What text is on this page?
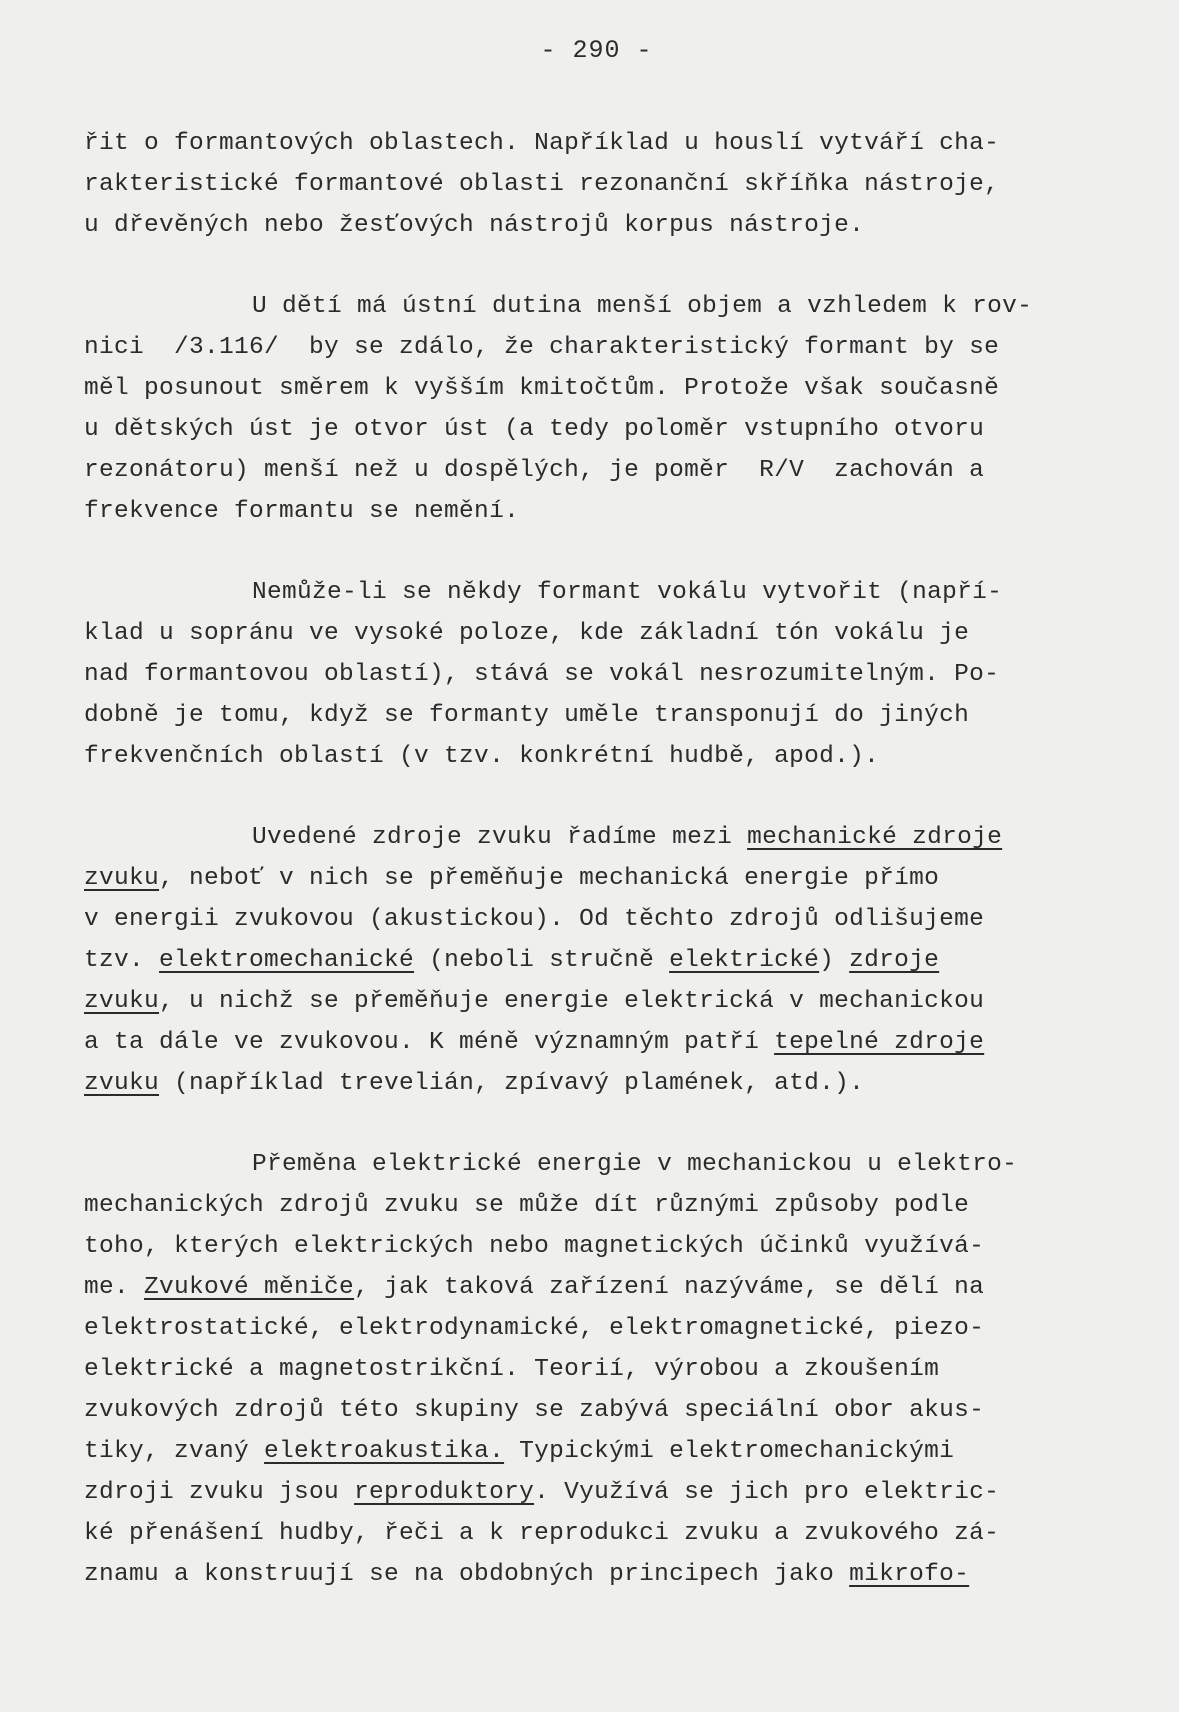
- 290 -
řit o formantových oblastech. Například u houslí vytváří cha-
rakteristické formantové oblasti rezonanční skříňka nástroje,
u dřevěných nebo žesťových nástrojů korpus nástroje.
U dětí má ústní dutina menší objem a vzhledem k rov-
nici  /3.116/  by se zdálo, že charakteristický formant by se
měl posunout směrem k vyšším kmitočtům. Protože však současně
u dětských úst je otvor úst (a tedy poloměr vstupního otvoru
rezonátoru) menší než u dospělých, je poměr  R/V  zachován a
frekvence formantu se nemění.
Nemůže-li se někdy formant vokálu vytvořit (napří-
klad u sopránu ve vysoké poloze, kde základní tón vokálu je
nad formantovou oblastí), stává se vokál nesrozumitelným. Po-
dobně je tomu, když se formanty uměle transponují do jiných
frekvenčních oblastí (v tzv. konkrétní hudbě, apod.).
Uvedené zdroje zvuku řadíme mezi mechanické zdroje
zvuku, neboť v nich se přeměňuje mechanická energie přímo
v energii zvukovou (akustickou). Od těchto zdrojů odlišujeme
tzv. elektromechanické (neboli stručně elektrické) zdroje
zvuku, u nichž se přeměňuje energie elektrická v mechanickou
a ta dále ve zvukovou. K méně významným patří tepelné zdroje
zvuku (například trevelián, zpívavý plamének, atd.).
Přeměna elektrické energie v mechanickou u elektro-
mechanických zdrojů zvuku se může dít různými způsoby podle
toho, kterých elektrických nebo magnetických účinků využívá-
me. Zvukové měniče, jak taková zařízení nazýváme, se dělí na
elektrostatické, elektrodynamické, elektromagnetické, piezo-
elektrické a magnetostrikční. Teorií, výrobou a zkoušením
zvukových zdrojů této skupiny se zabývá speciální obor akus-
tiky, zvaný elektroakustika. Typickými elektromechanickými
zdroji zvuku jsou reproduktory. Využívá se jich pro elektric-
ké přenášení hudby, řeči a k reprodukci zvuku a zvukového zá-
znamu a konstruují se na obdobných principech jako mikrofo-
